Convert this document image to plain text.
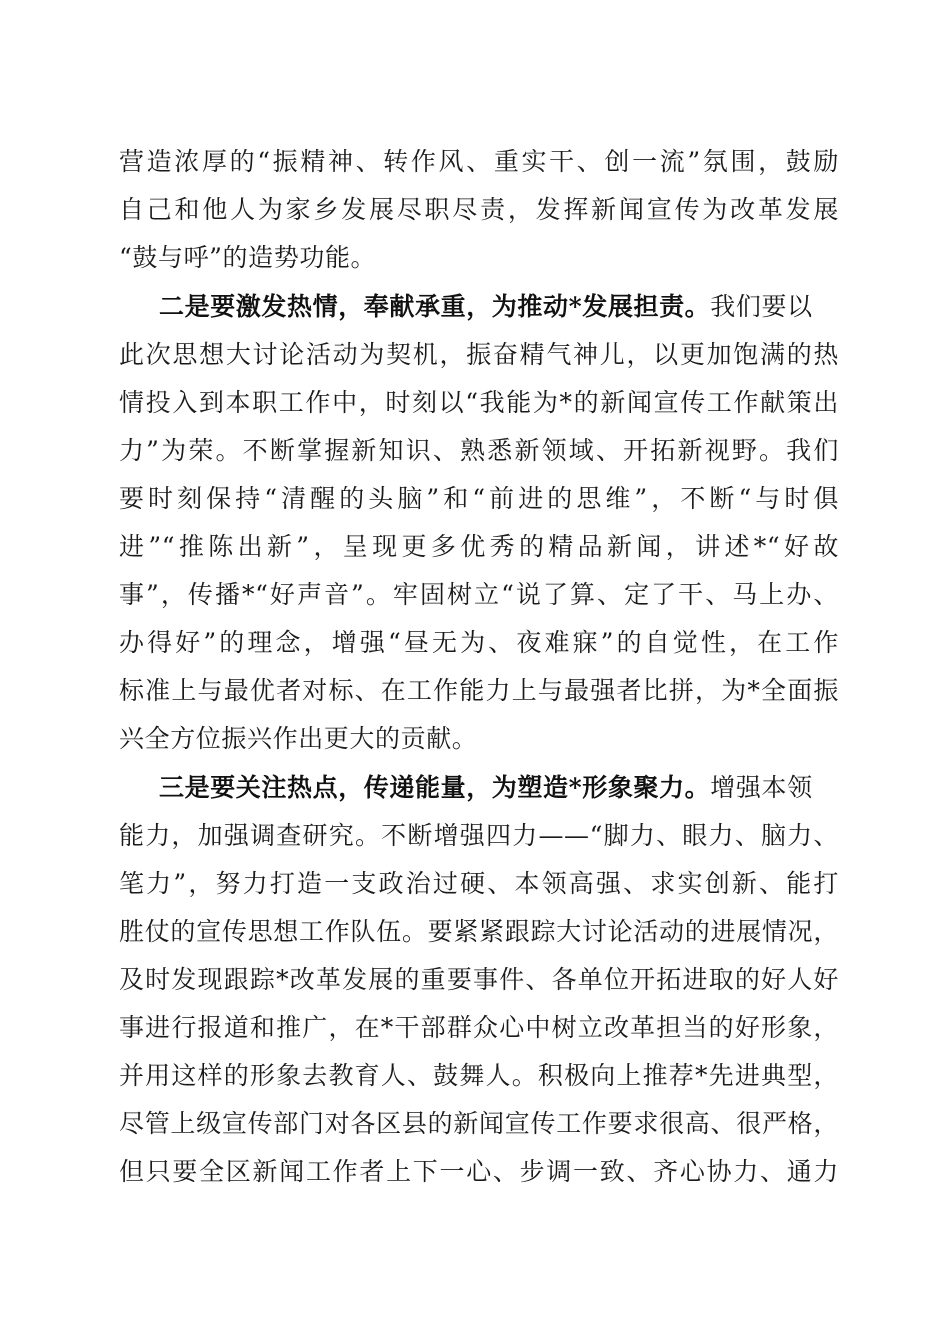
营造浓厚的“振精神、转作风、重实干、创一流”氛围，鼓励
自己和他人为家乡发展尽职尽责，发挥新闻宣传为改革发展
“鼓与呼”的造势功能。
二是要激发热情，奉献承重，为推动*发展担责。我们要以
此次思想大讨论活动为契机，振奋精气神儿，以更加饱满的热
情投入到本职工作中，时刻以“我能为*的新闻宣传工作献策出
力”为荣。不断掌握新知识、熟悉新领域、开拓新视野。我们
要时刻保持“清醒的头脑”和“前进的思维”，不断“与时俱
进”“推陈出新”，呈现更多优秀的精品新闻，讲述*“好故
事”，传播*“好声音”。牢固树立“说了算、定了干、马上办、
办得好”的理念，增强“昼无为、夜难寐”的自觉性，在工作
标准上与最优者对标、在工作能力上与最强者比拼，为*全面振
兴全方位振兴作出更大的贡献。
三是要关注热点，传递能量，为塑造*形象聚力。增强本领
能力，加强调查研究。不断增强四力——“脚力、眼力、脑力、
笔力”，努力打造一支政治过硬、本领高强、求实创新、能打
胜仗的宣传思想工作队伍。要紧紧跟踪大讨论活动的进展情况，
及时发现跟踪*改革发展的重要事件、各单位开拓进取的好人好
事进行报道和推广，在*干部群众心中树立改革担当的好形象，
并用这样的形象去教育人、鼓舞人。积极向上推荐*先进典型，
尽管上级宣传部门对各区县的新闻宣传工作要求很高、很严格，
但只要全区新闻工作者上下一心、步调一致、齐心协力、通力
